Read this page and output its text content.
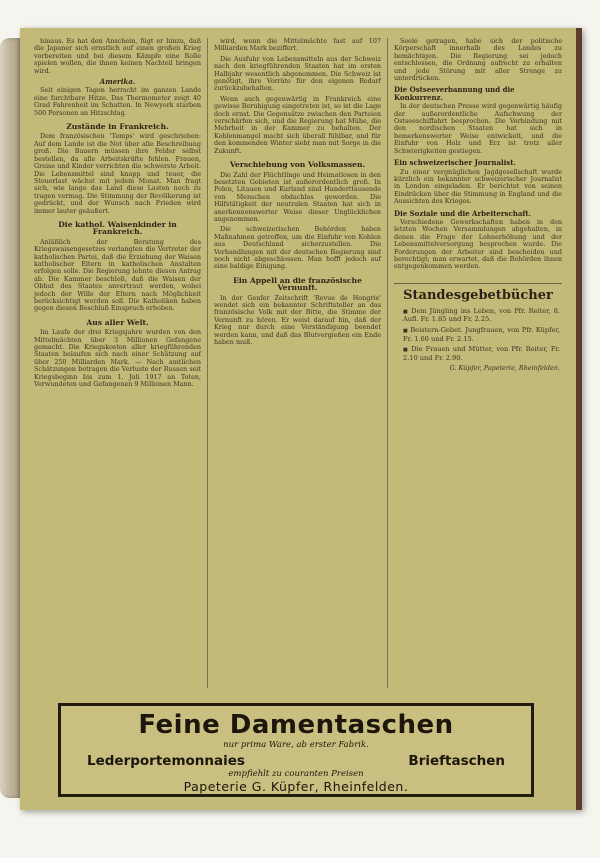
hinaus. Es hat den Anschein, fügt er hinzu, daß die Japaner sich ernstlich auf einen großen Krieg vorbereiten und bei diesem Kämpfe eine Rolle spielen wollen, die ihnen keinen Nachteil bringen wird.

Amerika.

Seit einigen Tagen herrscht im ganzen Lande eine furchtbare Hitze. Das Thermometer zeigt 40 Grad Fahrenheit im Schatten. In Newyork starben 500 Personen an Hitzschlag.

Zustände in Frankreich.

Dem französischen 'Temps' wird geschrieben: Auf dem Lande ist die Not über alle Beschreibung groß. Die Bauern müssen ihre Felder selbst bestellen, da alle Arbeitskräfte fehlen. Frauen, Greise und Kinder verrichten die schwerste Arbeit. Die Lebensmittel sind knapp und teuer, die Steuerlast wächst mit jedem Monat. Man fragt sich, wie lange das Land diese Lasten noch zu tragen vermag. Die Stimmung der Bevölkerung ist gedrückt, und der Wunsch nach Frieden wird immer lauter geäußert.

Die kathol. Waisenkinder in Frankreich.

Anläßlich der Beratung des Kriegswaisengesetzes verlangten die Vertreter der katholischen Partei, daß die Erziehung der Waisen katholischer Eltern in katholischen Anstalten erfolgen solle. Die Regierung lehnte diesen Antrag ab. Die Kammer beschloß, daß die Waisen der Obhut des Staates anvertraut werden, wobei jedoch der Wille der Eltern nach Möglichkeit berücksichtigt werden soll. Die Katholiken haben gegen diesen Beschluß Einspruch erhoben.

Aus aller Welt.

Im Laufe der drei Kriegsjahre wurden von den Mittelmächten über 3 Millionen Gefangene gemacht. Die Kriegskosten aller kriegführenden Staaten belaufen sich nach einer Schätzung auf über 250 Milliarden Mark. — Nach amtlichen Schätzungen betragen die Verluste der Russen seit Kriegsbeginn bis zum 1. Juli 1917 an Toten, Verwundeten und Gefangenen 9 Millionen Mann.

wird, wenn die Mittelmächte fast auf 107 Milliarden Mark beziffert.

Die Ausfuhr von Lebensmitteln aus der Schweiz nach den kriegführenden Staaten hat im ersten Halbjahr wesentlich abgenommen. Die Schweiz ist genötigt, ihre Vorräte für den eigenen Bedarf zurückzubehalten.

Wenn auch gegenwärtig in Frankreich eine gewisse Beruhigung eingetreten ist, so ist die Lage doch ernst. Die Gegensätze zwischen den Parteien verschärfen sich, und die Regierung hat Mühe, die Mehrheit in der Kammer zu behalten. Der Kohlenmangel macht sich überall fühlbar, und für den kommenden Winter sieht man mit Sorge in die Zukunft.

Verschiebung von Volksmassen.

Die Zahl der Flüchtlinge und Heimatlosen in den besetzten Gebieten ist außerordentlich groß. In Polen, Litauen und Kurland sind Hunderttausende von Menschen obdachlos geworden. Die Hilfstätigkeit der neutralen Staaten hat sich in anerkennenswerter Weise dieser Unglücklichen angenommen.

Die schweizerischen Behörden haben Maßnahmen getroffen, um die Einfuhr von Kohlen aus Deutschland sicherzustellen. Die Verhandlungen mit der deutschen Regierung sind noch nicht abgeschlossen. Man hofft jedoch auf eine baldige Einigung.

Ein Appell an die französische Vernunft.

In der Genfer Zeitschrift 'Revue de Hongrie' wendet sich ein bekannter Schriftsteller an das französische Volk mit der Bitte, die Stimme der Vernunft zu hören. Er weist darauf hin, daß der Krieg nur durch eine Verständigung beendet werden kann, und daß das Blutvergießen ein Ende haben muß.

Seele getragen, habe sich der politische Körperschaft innerhalb des Landes zu bemächtigen. Die Regierung sei jedoch entschlossen, die Ordnung aufrecht zu erhalten und jede Störung mit aller Strenge zu unterdrücken.

Die Ostseeverbannung und die Konkurrenz.

In der deutschen Presse wird gegenwärtig häufig der außerordentliche Aufschwung der Ostseeschiffahrt besprochen. Die Verbindung mit den nordischen Staaten hat sich in bemerkenswerter Weise entwickelt, und die Einfuhr von Holz und Erz ist trotz aller Schwierigkeiten gestiegen.

Ein schweizerischer Journalist.

Zu einer vergnüglichen Jagdgesellschaft wurde kürzlich ein bekannter schweizerischer Journalist in London eingeladen. Er berichtet von seinen Eindrücken über die Stimmung in England und die Aussichten des Krieges.

Die Soziale und die Arbeiterschaft.

Verschiedene Gewerkschaften haben in den letzten Wochen Versammlungen abgehalten, in denen die Frage der Lohnerhöhung und der Lebensmittelversorgung besprochen wurde. Die Forderungen der Arbeiter sind bescheiden und berechtigt; man erwartet, daß die Behörden ihnen entgegenkommen werden.

Standesgebetbücher
■ Dem Jüngling ins Leben, von Pfr. Reiter, 8. Aufl. Fr. 1.85 und Fr. 2.25.
■ Beistern-Gebet. Jungfrauen, von Pfr. Küpfer, Fr. 1.60 und Fr. 2.15.
■ Die Frauen und Mütter, von Pfr. Reiter, Fr. 2.10 und Fr. 2.90.
G. Küpfer, Papeterie, Rheinfelden.
Feine Damentaschen
nur prima Ware, ab erster Fabrik.
Lederportemonnaies	Brieftaschen
empfiehlt zu couranten Preisen
Papeterie G. Küpfer, Rheinfelden.
